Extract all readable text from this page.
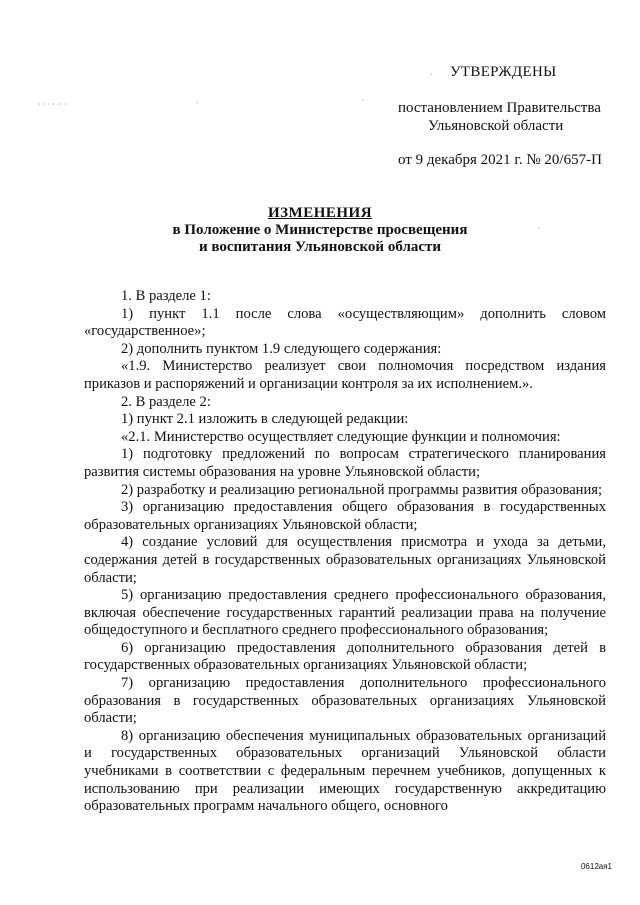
· · · · ·· ·	·
·
·
′
УТВЕРЖДЕНЫ
постановлением Правительства
Ульяновской области
от 9 декабря 2021 г. № 20/657-П
ИЗМЕНЕНИЯ
в Положение о Министерстве просвещения
и воспитания Ульяновской области

1. В разделе 1:

1) пункт 1.1 после слова «осуществляющим» дополнить словом «государственное»;

2) дополнить пунктом 1.9 следующего содержания:

«1.9. Министерство реализует свои полномочия посредством издания приказов и распоряжений и организации контроля за их исполнением.».

2. В разделе 2:

1) пункт 2.1 изложить в следующей редакции:

«2.1. Министерство осуществляет следующие функции и полномочия:

1) подготовку предложений по вопросам стратегического планирования развития системы образования на уровне Ульяновской области;

2) разработку и реализацию региональной программы развития образования;

3) организацию предоставления общего образования в государственных образовательных организациях Ульяновской области;

4) создание условий для осуществления присмотра и ухода за детьми, содержания детей в государственных образовательных организациях Ульяновской области;

5) организацию предоставления среднего профессионального образования, включая обеспечение государственных гарантий реализации права на получение общедоступного и бесплатного среднего профессионального образования;

6) организацию предоставления дополнительного образования детей в государственных образовательных организациях Ульяновской области;

7) организацию предоставления дополнительного профессионального образования в государственных образовательных организациях Ульяновской области;

8) организацию обеспечения муниципальных образовательных организаций и государственных образовательных организаций Ульяновской области учебниками в соответствии с федеральным перечнем учебников, допущенных к использованию при реализации имеющих государственную аккредитацию образовательных программ начального общего, основного

0612ая1
